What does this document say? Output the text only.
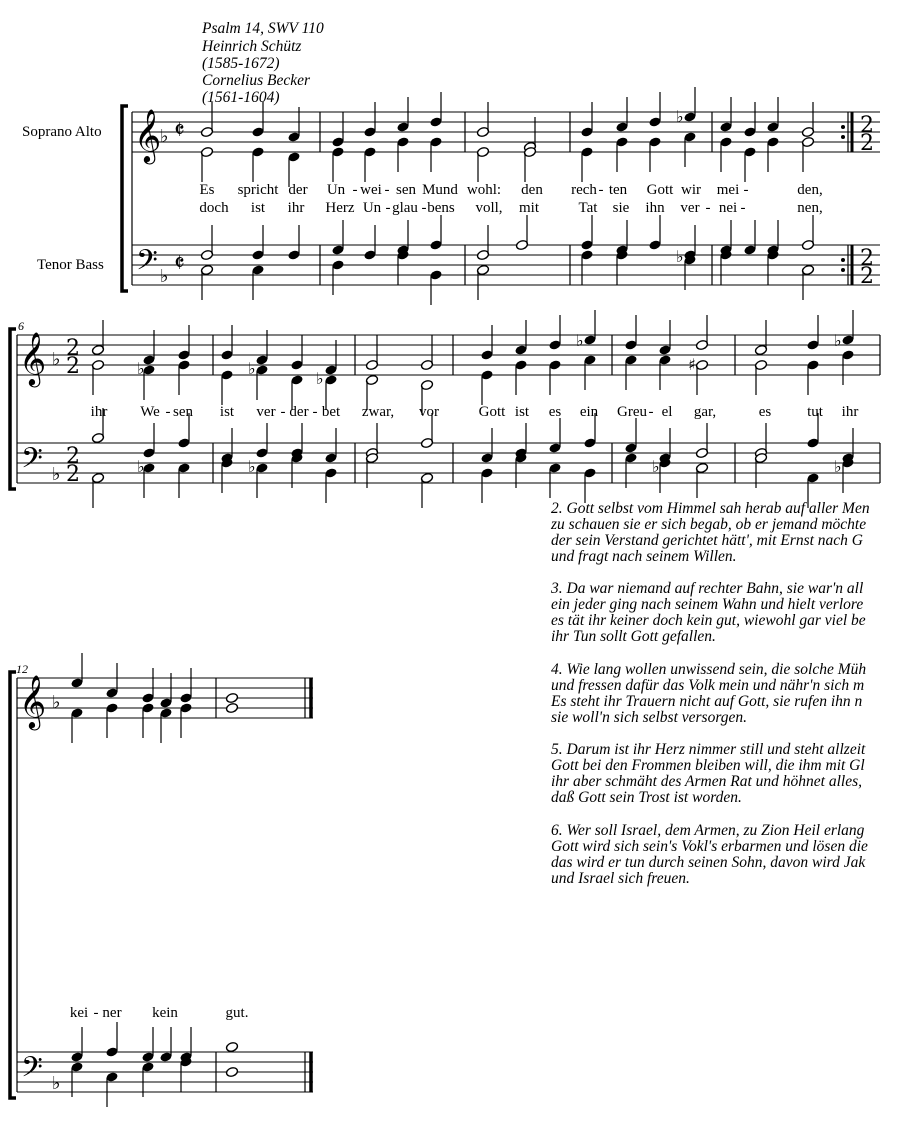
Psalm 14, SWV 110
Heinrich Schütz
(1585-1672)
Cornelius Becker
(1561-1604)
Soprano Alto
Tenor Bass
6
12
𝄞
𝄢
♭
♭
𝄵
𝄵
2
2
2
2
♭
♭
𝄞
𝄢
♭
♭
2
2
2
2
♭	♭
♭
♭	♭
♯
♭	♭	♭	♭
𝄞
𝄢
♭
♭
Es spricht der Un - wei - sen Mund wohl: den rech - ten Gott wir mei -	den,
doch ist ihr Herz Un - glau - bens voll, mit	Tat sie ihn ver - nei -	nen,
ihr We - sen ist ver - der - bet zwar, vor	Gott ist es ein Greu - el gar,	es tut ihr
kei - ner kein	gut.
2. Gott selbst vom Himmel sah herab auf aller Men
zu schauen sie er sich begab, ob er jemand möchte
der sein Verstand gerichtet hätt', mit Ernst nach G
und fragt nach seinem Willen.
3. Da war niemand auf rechter Bahn, sie war'n all
ein jeder ging nach seinem Wahn und hielt verlore
es tät ihr keiner doch kein gut, wiewohl gar viel be
ihr Tun sollt Gott gefallen.
4. Wie lang wollen unwissend sein, die solche Müh
und fressen dafür das Volk mein und nähr'n sich m
Es steht ihr Trauern nicht auf Gott, sie rufen ihn n
sie woll'n sich selbst versorgen.
5. Darum ist ihr Herz nimmer still und steht allzeit
Gott bei den Frommen bleiben will, die ihm mit Gl
ihr aber schmäht des Armen Rat und höhnet alles,
daß Gott sein Trost ist worden.
6. Wer soll Israel, dem Armen, zu Zion Heil erlang
Gott wird sich sein's Vokl's erbarmen und lösen die
das wird er tun durch seinen Sohn, davon wird Jak
und Israel sich freuen.
